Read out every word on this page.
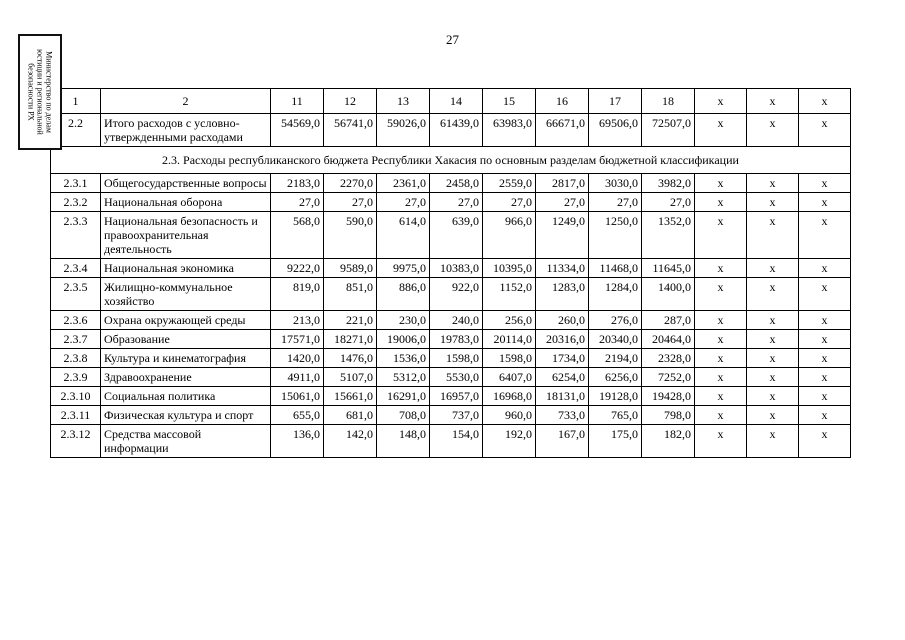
27
Министерство по делам
юстиции и региональной
безопасности РХ	1	2	11	12	13	14	15	16	17	18	x	x	x
2.2	Итого расходов с условно-утвержденными расходами	54569,0	56741,0	59026,0	61439,0	63983,0	66671,0	69506,0	72507,0	x	x	x
2.3. Расходы республиканского бюджета Республики Хакасия по основным разделам бюджетной классификации												
2.3.1	Общегосударственные вопросы	2183,0	2270,0	2361,0	2458,0	2559,0	2817,0	3030,0	3982,0	x	x	x
2.3.2	Национальная оборона	27,0	27,0	27,0	27,0	27,0	27,0	27,0	27,0	x	x	x
2.3.3	Национальная безопасность и правоохранительная деятельность	568,0	590,0	614,0	639,0	966,0	1249,0	1250,0	1352,0	x	x	x
2.3.4	Национальная экономика	9222,0	9589,0	9975,0	10383,0	10395,0	11334,0	11468,0	11645,0	x	x	x
2.3.5	Жилищно-коммунальное хозяйство	819,0	851,0	886,0	922,0	1152,0	1283,0	1284,0	1400,0	x	x	x
2.3.6	Охрана окружающей среды	213,0	221,0	230,0	240,0	256,0	260,0	276,0	287,0	x	x	x
2.3.7	Образование	17571,0	18271,0	19006,0	19783,0	20114,0	20316,0	20340,0	20464,0	x	x	x
2.3.8	Культура и кинематография	1420,0	1476,0	1536,0	1598,0	1598,0	1734,0	2194,0	2328,0	x	x	x
2.3.9	Здравоохранение	4911,0	5107,0	5312,0	5530,0	6407,0	6254,0	6256,0	7252,0	x	x	x
2.3.10	Социальная политика	15061,0	15661,0	16291,0	16957,0	16968,0	18131,0	19128,0	19428,0	x	x	x
2.3.11	Физическая культура и спорт	655,0	681,0	708,0	737,0	960,0	733,0	765,0	798,0	x	x	x
2.3.12	Средства массовой информации	136,0	142,0	148,0	154,0	192,0	167,0	175,0	182,0	x	x	x
